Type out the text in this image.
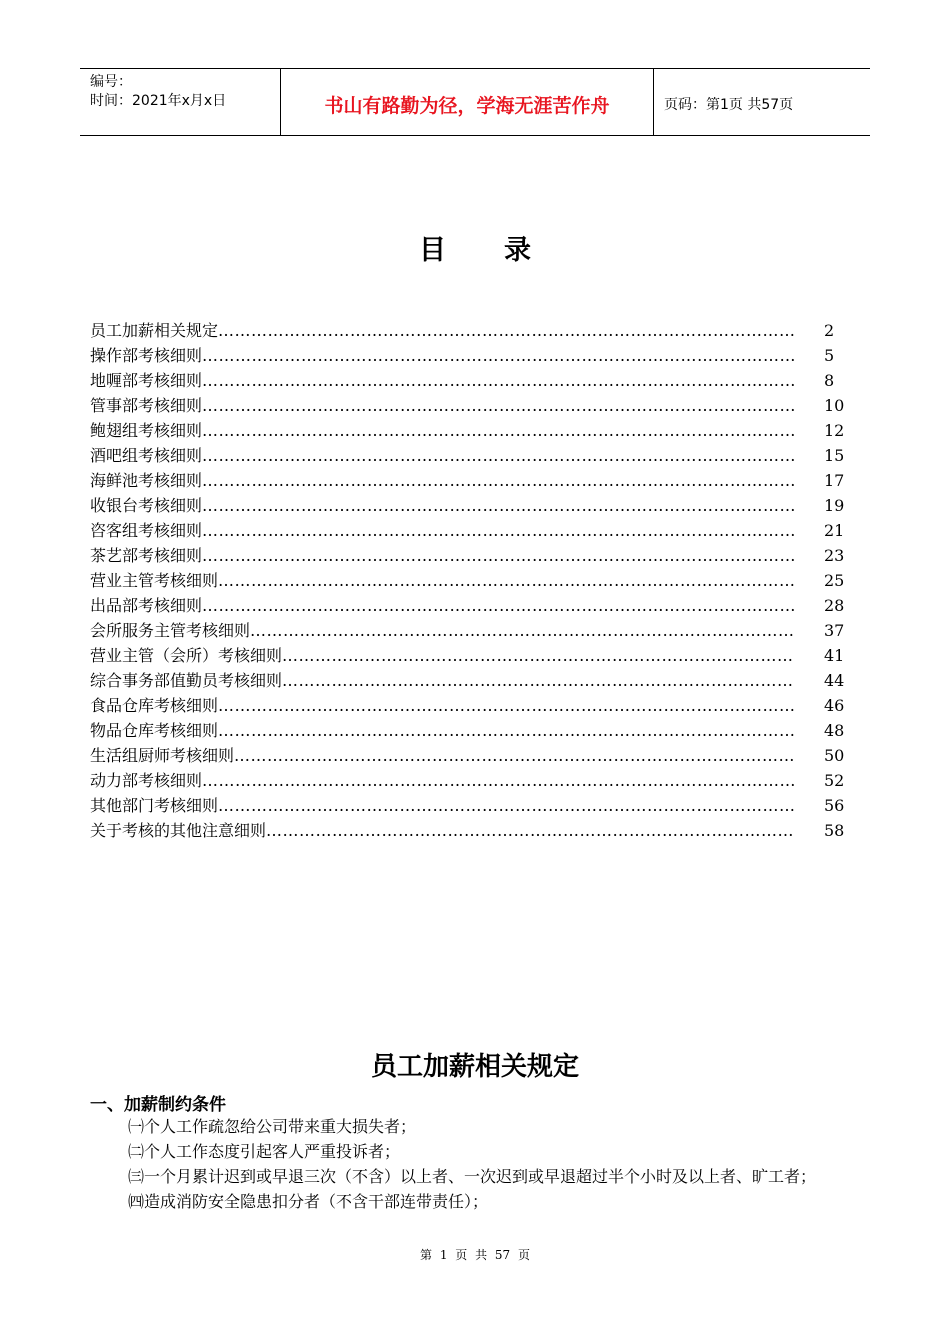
编号：
时间：2021年x月x日	书山有路勤为径，学海无涯苦作舟	页码：第1页 共57页
目录
员工加薪相关规定 ………………………………………………………………………………………………………………………………………………………………	2
操作部考核细则 ………………………………………………………………………………………………………………………………………………………………	5
地喱部考核细则 ………………………………………………………………………………………………………………………………………………………………	8
管事部考核细则 ………………………………………………………………………………………………………………………………………………………………	10
鲍翅组考核细则 ………………………………………………………………………………………………………………………………………………………………	12
酒吧组考核细则 ………………………………………………………………………………………………………………………………………………………………	15
海鲜池考核细则 ………………………………………………………………………………………………………………………………………………………………	17
收银台考核细则 ………………………………………………………………………………………………………………………………………………………………	19
咨客组考核细则 ………………………………………………………………………………………………………………………………………………………………	21
茶艺部考核细则 ………………………………………………………………………………………………………………………………………………………………	23
营业主管考核细则 ………………………………………………………………………………………………………………………………………………………………	25
出品部考核细则 ………………………………………………………………………………………………………………………………………………………………	28
会所服务主管考核细则 ………………………………………………………………………………………………………………………………………………………………	37
营业主管（会所）考核细则 ………………………………………………………………………………………………………………………………………………………………	41
综合事务部值勤员考核细则 ………………………………………………………………………………………………………………………………………………………………	44
食品仓库考核细则 ………………………………………………………………………………………………………………………………………………………………	46
物品仓库考核细则 ………………………………………………………………………………………………………………………………………………………………	48
生活组厨师考核细则 ………………………………………………………………………………………………………………………………………………………………	50
动力部考核细则 ………………………………………………………………………………………………………………………………………………………………	52
其他部门考核细则 ………………………………………………………………………………………………………………………………………………………………	56
关于考核的其他注意细则 ………………………………………………………………………………………………………………………………………………………………	58
员工加薪相关规定
一、加薪制约条件

㈠个人工作疏忽给公司带来重大损失者；

㈡个人工作态度引起客人严重投诉者；

㈢一个月累计迟到或早退三次（不含）以上者、一次迟到或早退超过半个小时及以上者、旷工者；

㈣造成消防安全隐患扣分者（不含干部连带责任）；

第 1 页 共 57 页
